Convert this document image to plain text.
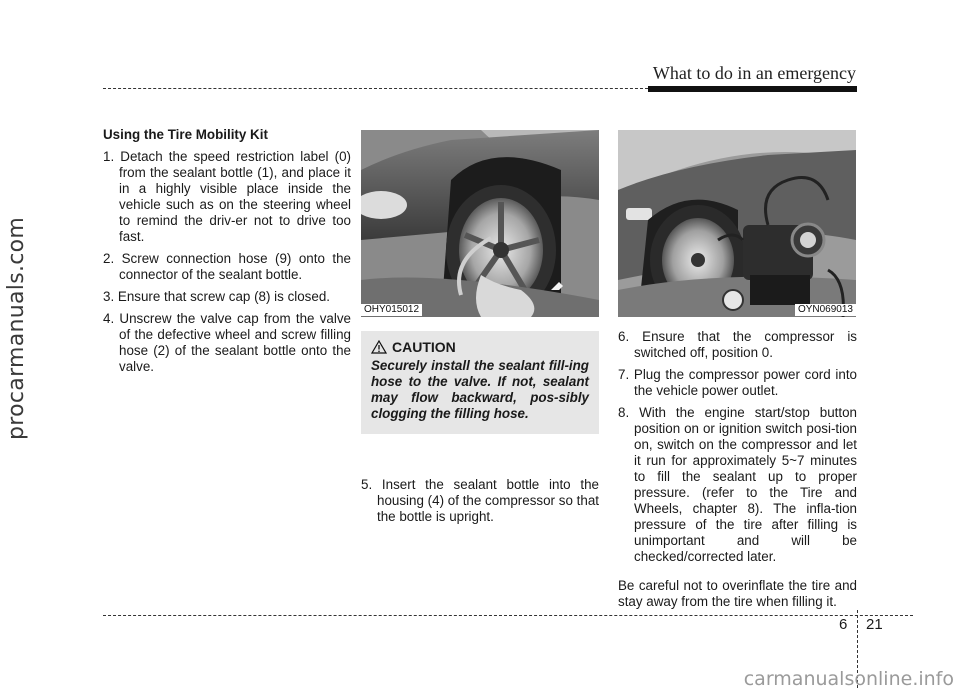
procarmanuals.com
What to do in an emergency

Using the Tire Mobility Kit

1. Detach the speed restriction label (0) from the sealant bottle (1), and place it in a highly visible place inside the vehicle such as on the steering wheel to remind the driv-er not to drive too fast.

2. Screw connection hose (9) onto the connector of the sealant bottle.

3. Ensure that screw cap (8) is closed.

4. Unscrew the valve cap from the valve of the defective wheel and screw filling hose (2) of the sealant bottle onto the valve.

OHY015012

CAUTION

Securely install the sealant fill-ing hose to the valve. If not, sealant may flow backward, pos-sibly clogging the filling hose.

5. Insert the sealant bottle into the housing (4) of the compressor so that the bottle is upright.

OYN069013

6. Ensure that the compressor is switched off, position 0.

7. Plug the compressor power cord into the vehicle power outlet.

8. With the engine start/stop button position on or ignition switch posi-tion on, switch on the compressor and let it run for approximately 5~7 minutes to fill the sealant up to proper pressure. (refer to the Tire and Wheels, chapter 8). The infla-tion pressure of the tire after filling is unimportant and will be checked/corrected later.

Be careful not to overinflate the tire and stay away from the tire when filling it.

6 21
carmanualsonline.info
